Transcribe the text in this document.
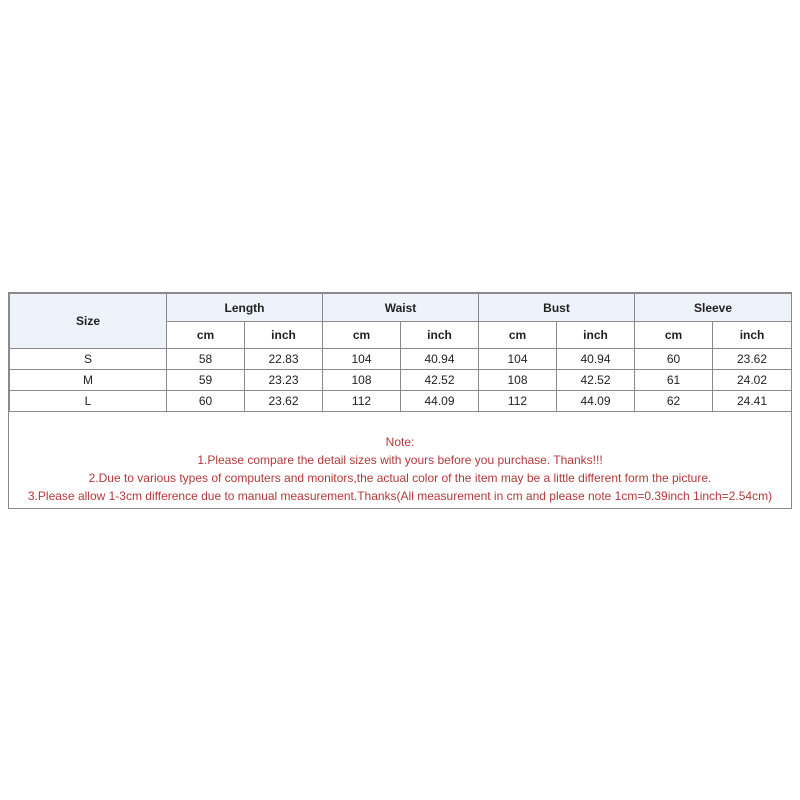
Size	Length		Waist		Bust		Sleeve	
	cm	inch	cm	inch	cm	inch	cm	inch
S	58	22.83	104	40.94	104	40.94	60	23.62
M	59	23.23	108	42.52	108	42.52	61	24.02
L	60	23.62	112	44.09	112	44.09	62	24.41
Note:
1.Please compare the detail sizes with yours before you purchase. Thanks!!!
2.Due to various types of computers and monitors,the actual color of the item may be a little different form the picture.
3.Please allow 1-3cm difference due to manual measurement.Thanks(All measurement in cm and please note 1cm=0.39inch 1inch=2.54cm)
